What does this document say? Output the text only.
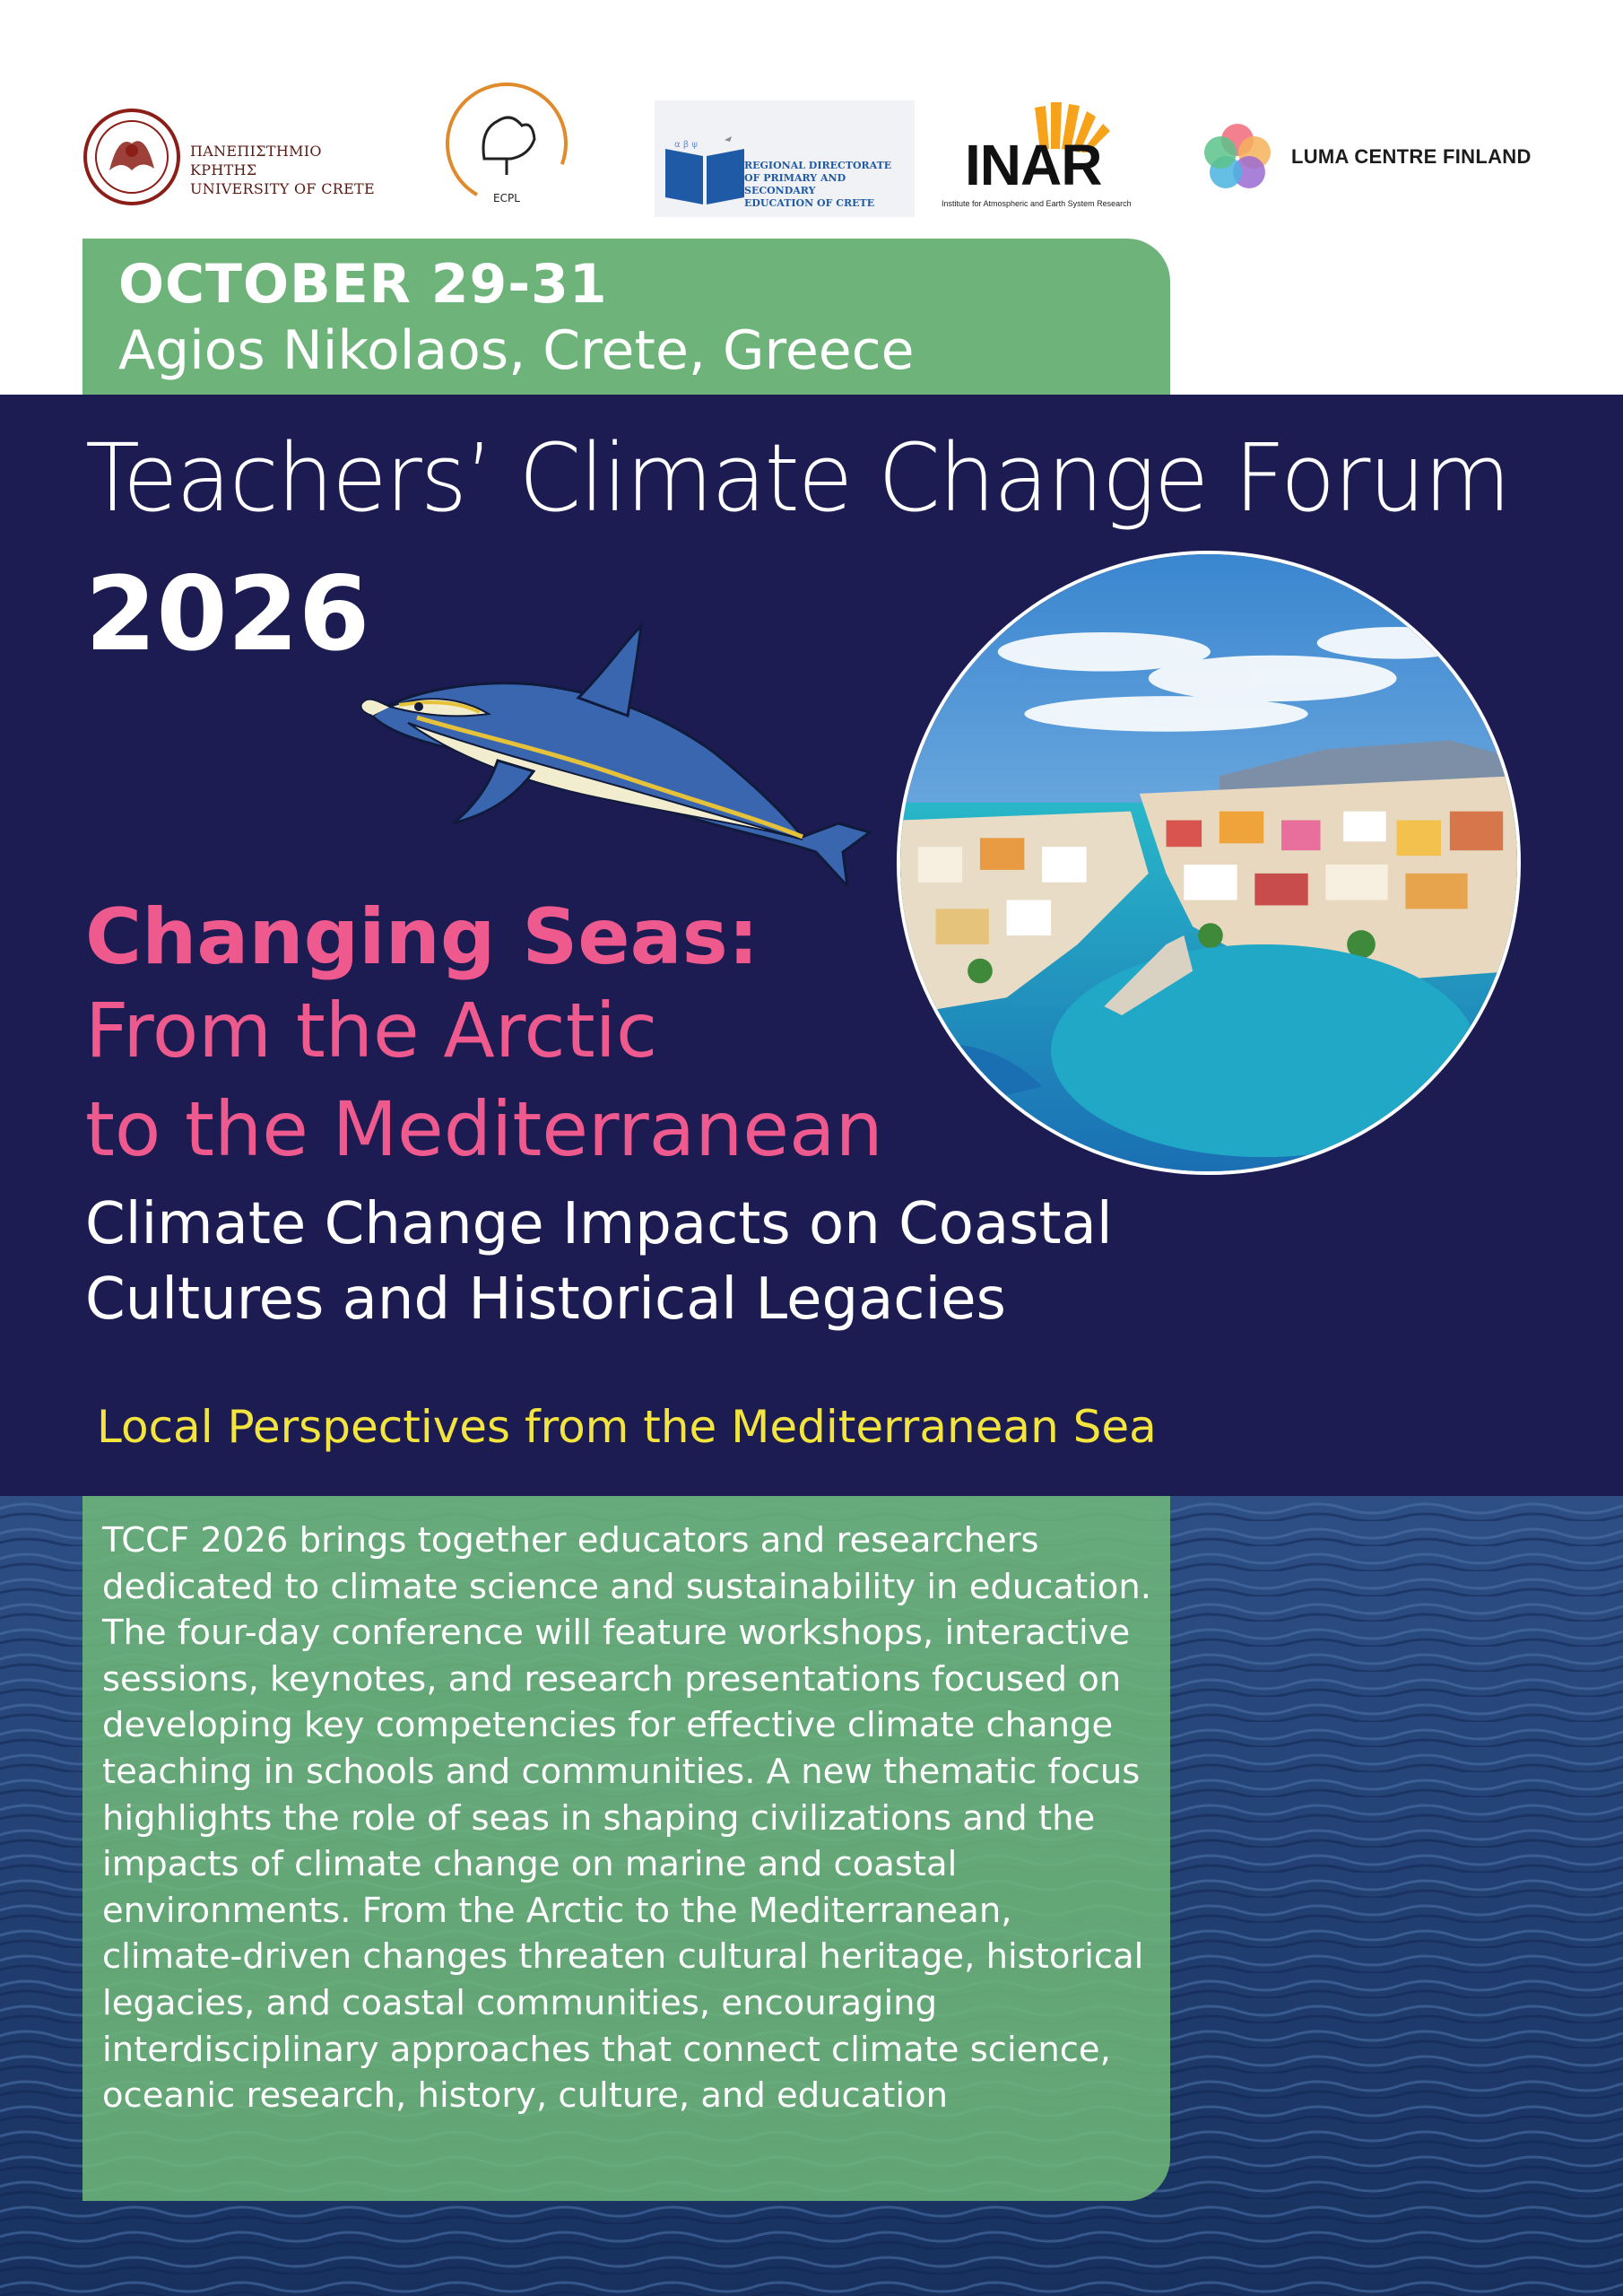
ΠΑΝΕΠΙΣΤΗΜΙΟ ΚΡΗΤΗΣ
UNIVERSITY OF CRETE
ECPL
α β ψ
REGIONAL DIRECTORATE
OF PRIMARY AND SECONDARY
EDUCATION OF CRETE
INAR
Institute for Atmospheric and Earth System Research
LUMA CENTRE FINLAND
OCTOBER 29-31
Agios Nikolaos, Crete, Greece
Teachers’ Climate Change Forum
2026
Changing Seas:
From the Arctic
to the Mediterranean
Climate Change Impacts on Coastal
Cultures and Historical Legacies
Local Perspectives from the Mediterranean Sea
TCCF 2026 brings together educators and researchers dedicated to climate science and sustainability in education. The four-day conference will feature workshops, interactive sessions, keynotes, and research presentations focused on developing key competencies for effective climate change teaching in schools and communities. A new thematic focus highlights the role of seas in shaping civilizations and the impacts of climate change on marine and coastal environments. From the Arctic to the Mediterranean, climate-driven changes threaten cultural heritage, historical legacies, and coastal communities, encouraging interdisciplinary approaches that connect climate science, oceanic research, history, culture, and education
